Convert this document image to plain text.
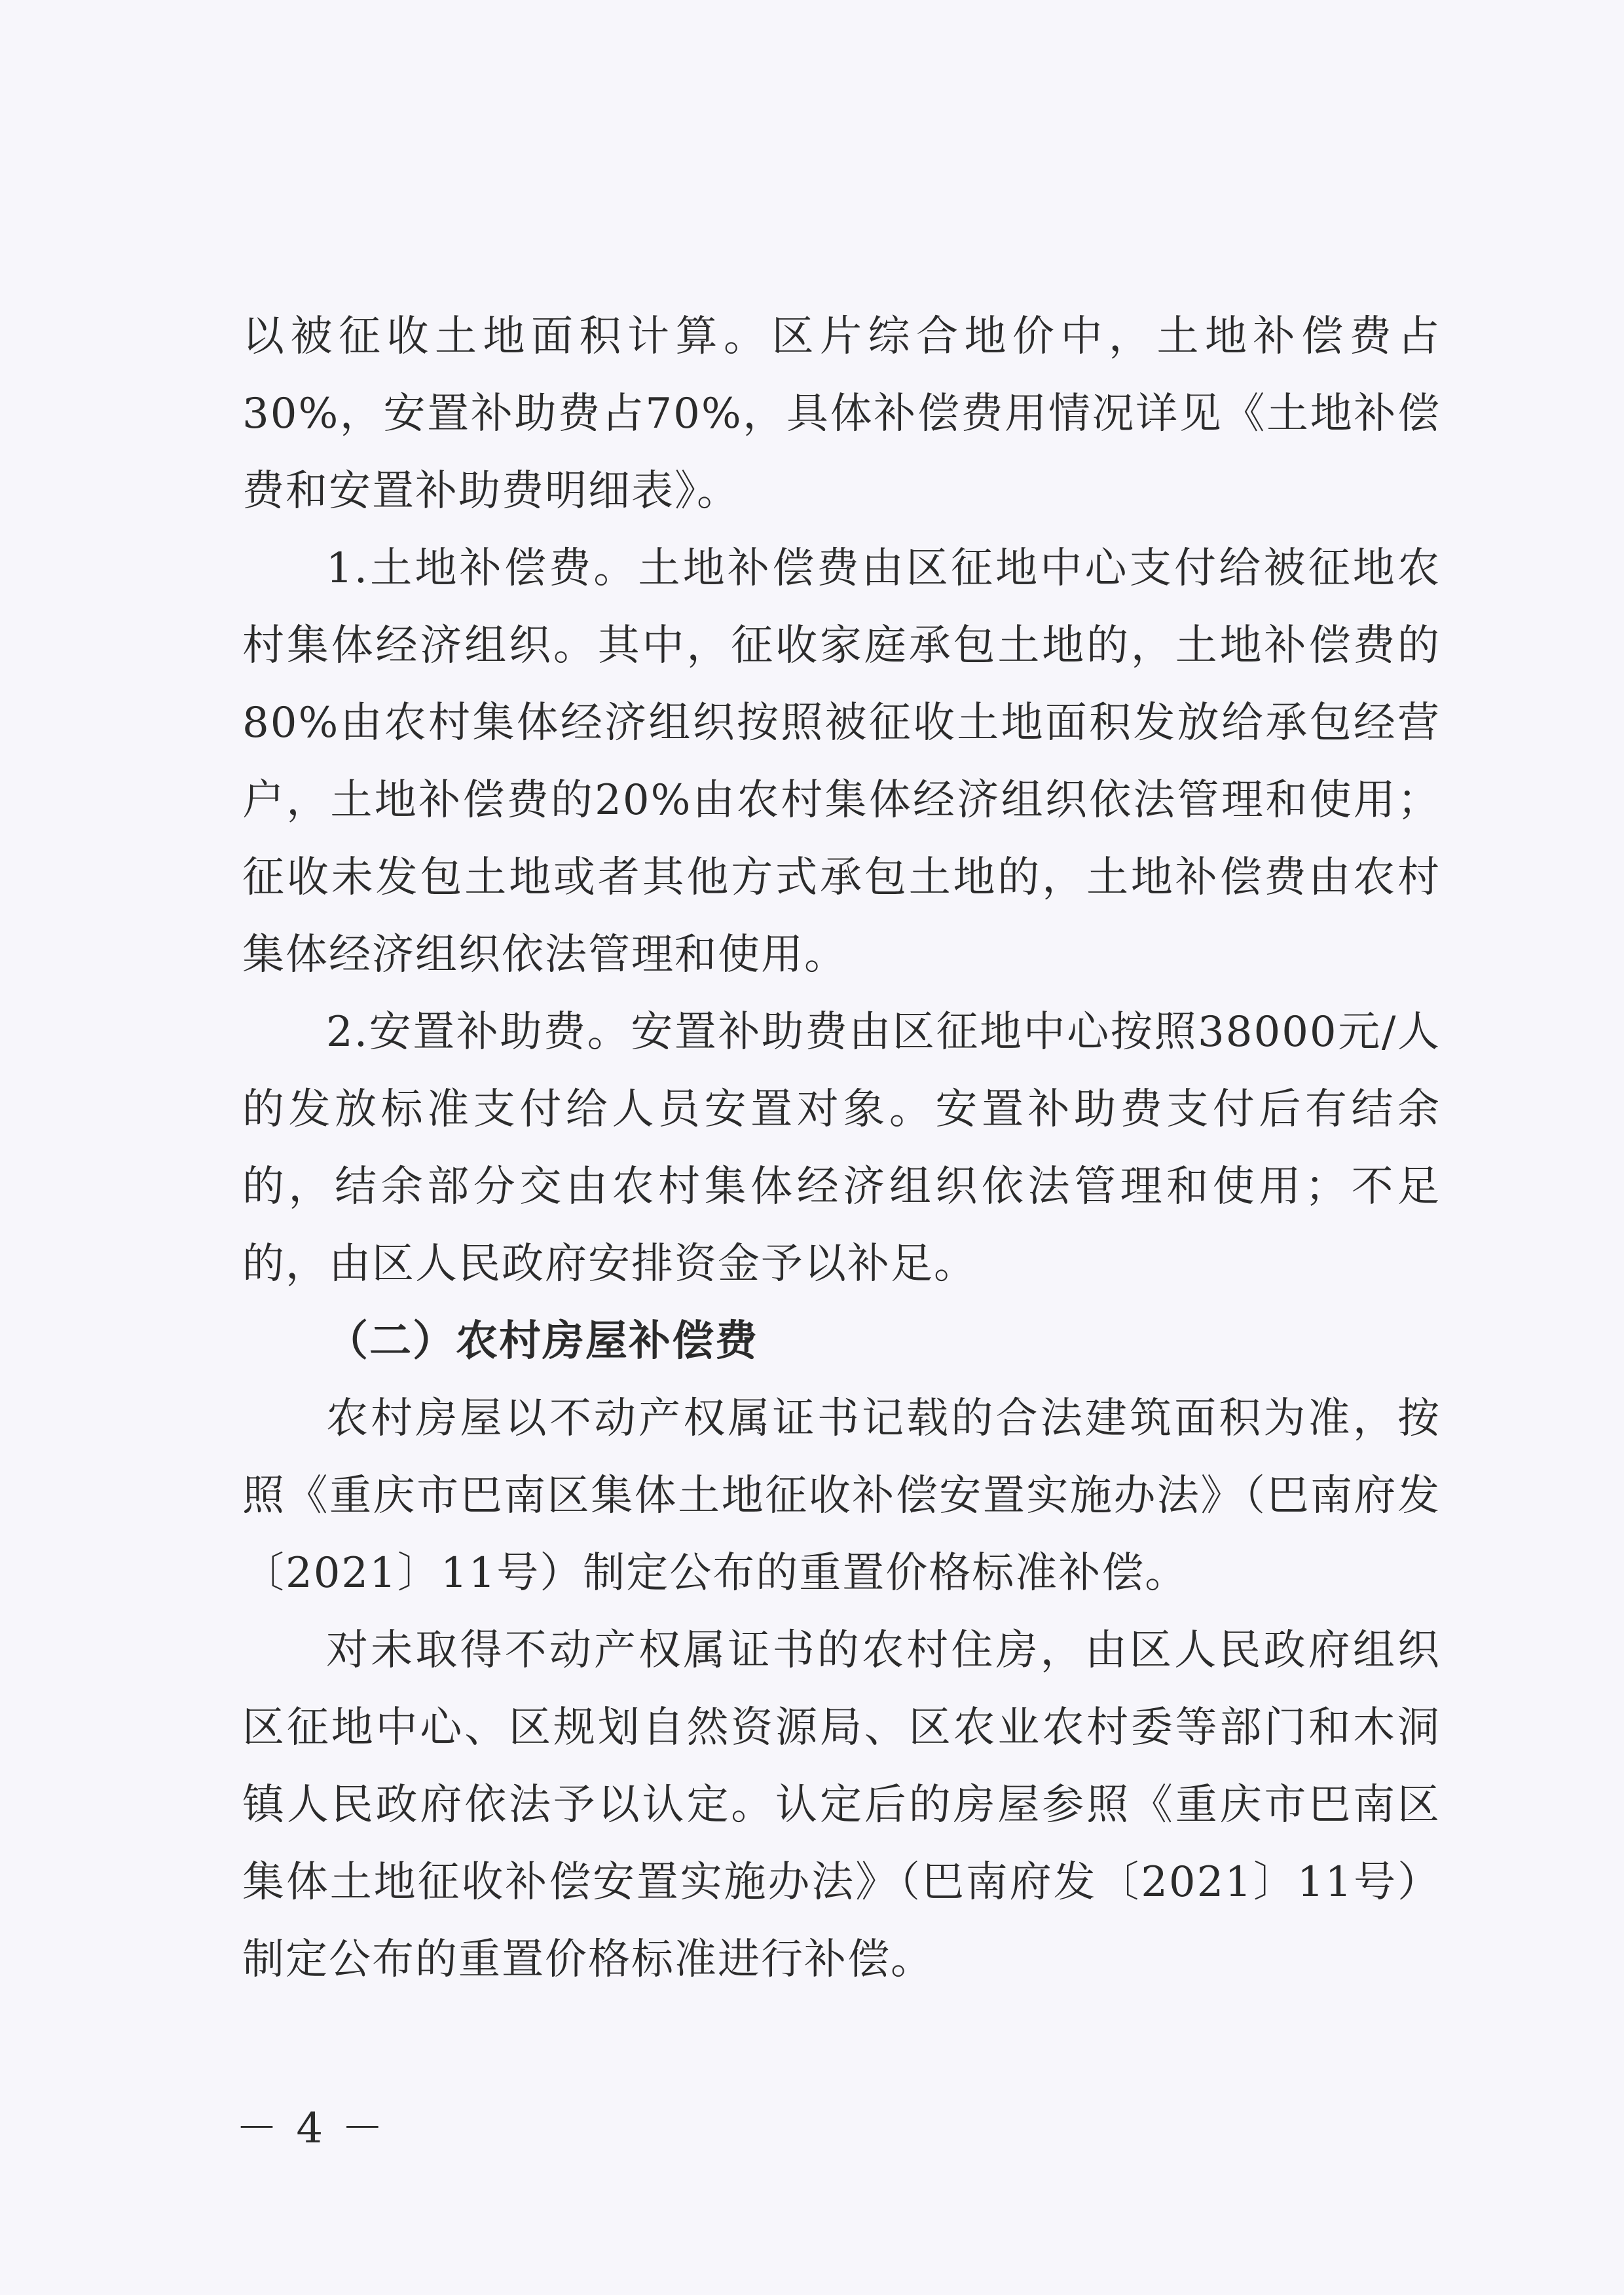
以被征收土地面积计算。区片综合地价中，土地补偿费占30%，安置补助费占70%，具体补偿费用情况详见《土地补偿费和安置补助费明细表》。

1.土地补偿费。土地补偿费由区征地中心支付给被征地农村集体经济组织。其中，征收家庭承包土地的，土地补偿费的80%由农村集体经济组织按照被征收土地面积发放给承包经营户，土地补偿费的20%由农村集体经济组织依法管理和使用；征收未发包土地或者其他方式承包土地的，土地补偿费由农村集体经济组织依法管理和使用。

2.安置补助费。安置补助费由区征地中心按照38000元/人的发放标准支付给人员安置对象。安置补助费支付后有结余的，结余部分交由农村集体经济组织依法管理和使用；不足的，由区人民政府安排资金予以补足。

（二）农村房屋补偿费

农村房屋以不动产权属证书记载的合法建筑面积为准，按照《重庆市巴南区集体土地征收补偿安置实施办法》（巴南府发〔2021〕11号）制定公布的重置价格标准补偿。

对未取得不动产权属证书的农村住房，由区人民政府组织区征地中心、区规划自然资源局、区农业农村委等部门和木洞镇人民政府依法予以认定。认定后的房屋参照《重庆市巴南区集体土地征收补偿安置实施办法》（巴南府发〔2021〕11号）制定公布的重置价格标准进行补偿。

－ 4 －
